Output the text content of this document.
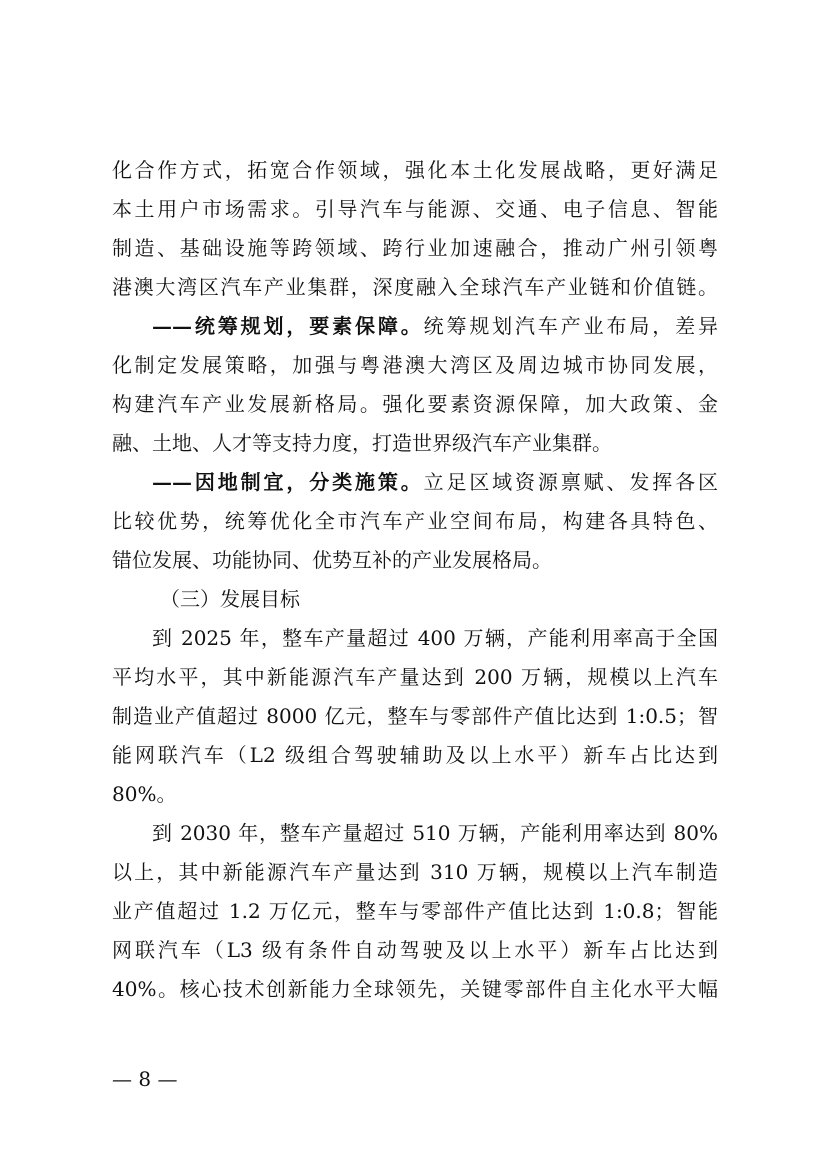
化合作方式，拓宽合作领域，强化本土化发展战略，更好满足
本土用户市场需求。引导汽车与能源、交通、电子信息、智能
制造、基础设施等跨领域、跨行业加速融合，推动广州引领粤
港澳大湾区汽车产业集群，深度融入全球汽车产业链和价值链。
——统筹规划，要素保障。统筹规划汽车产业布局，差异
化制定发展策略，加强与粤港澳大湾区及周边城市协同发展，
构建汽车产业发展新格局。强化要素资源保障，加大政策、金
融、土地、人才等支持力度，打造世界级汽车产业集群。
——因地制宜，分类施策。立足区域资源禀赋、发挥各区
比较优势，统筹优化全市汽车产业空间布局，构建各具特色、
错位发展、功能协同、优势互补的产业发展格局。
（三）发展目标
到 2025 年，整车产量超过 400 万辆，产能利用率高于全国
平均水平，其中新能源汽车产量达到 200 万辆，规模以上汽车
制造业产值超过 8000 亿元，整车与零部件产值比达到 1:0.5；智
能网联汽车（L2 级组合驾驶辅助及以上水平）新车占比达到
80%。
到 2030 年，整车产量超过 510 万辆，产能利用率达到 80%
以上，其中新能源汽车产量达到 310 万辆，规模以上汽车制造
业产值超过 1.2 万亿元，整车与零部件产值比达到 1:0.8；智能
网联汽车（L3 级有条件自动驾驶及以上水平）新车占比达到
40%。核心技术创新能力全球领先，关键零部件自主化水平大幅
— 8 —
